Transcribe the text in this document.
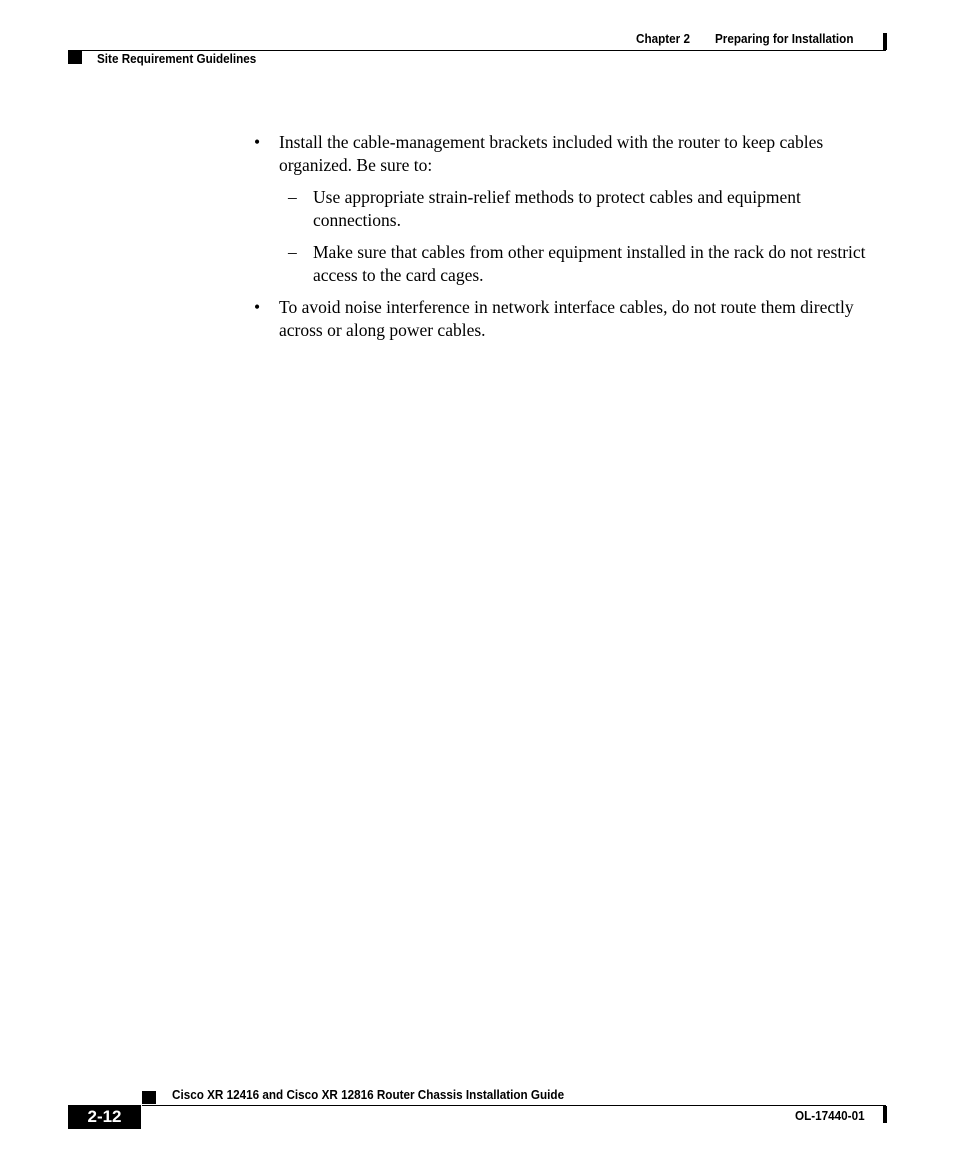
Chapter 2 Preparing for Installation
Site Requirement Guidelines
• Install the cable-management brackets included with the router to keep cables organized. Be sure to:
– Use appropriate strain-relief methods to protect cables and equipment connections.
– Make sure that cables from other equipment installed in the rack do not restrict access to the card cages.
• To avoid noise interference in network interface cables, do not route them directly across or along power cables.
Cisco XR 12416 and Cisco XR 12816 Router Chassis Installation Guide
2-12	OL-17440-01
